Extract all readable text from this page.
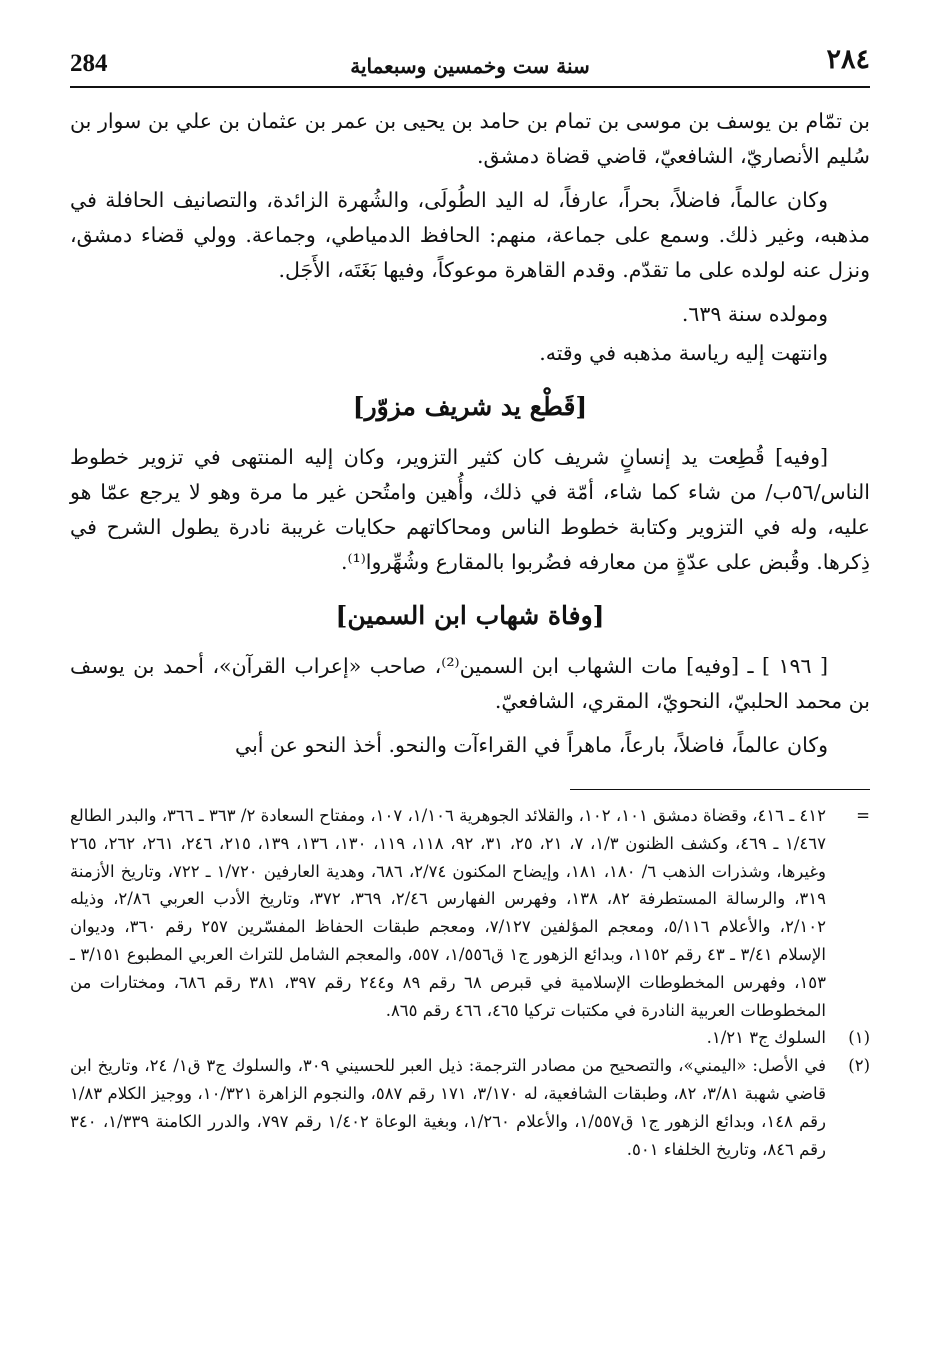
284	سنة ست وخمسين وسبعماية	٢٨٤

بن تمّام بن يوسف بن موسى بن تمام بن حامد بن يحيى بن عمر بن عثمان بن علي بن سوار بن سُليم الأنصاريّ، الشافعيّ، قاضي قضاة دمشق.

وكان عالماً، فاضلاً، بحراً، عارفاً، له اليد الطُولَى، والشُهرة الزائدة، والتصانيف الحافلة في مذهبه، وغير ذلك. وسمع على جماعة، منهم: الحافظ الدمياطي، وجماعة. وولي قضاء دمشق، ونزل عنه لولده على ما تقدّم. وقدم القاهرة موعوكاً، وفيها بَغَتَه، الأَجَل.

ومولده سنة ٦٣٩.

وانتهت إليه رياسة مذهبه في وقته.

[قَطْع يد شريف مزوّر]

[وفيه] قُطِعت يد إنسانٍ شريف كان كثير التزوير، وكان إليه المنتهى في تزوير خطوط الناس/٥٦ب/ من شاء كما شاء، أمّة في ذلك، وأُهين وامتُحن غير ما مرة وهو لا يرجع عمّا هو عليه، وله في التزوير وكتابة خطوط الناس ومحاكاتهم حكايات غريبة نادرة يطول الشرح في ذِكرها. وقُبض على عدّةٍ من معارفه فضُربوا بالمقارع وشُهِّروا⁽¹⁾.

[وفاة شهاب ابن السمين]

[ ١٩٦ ] ـ [وفيه] مات الشهاب ابن السمين⁽²⁾، صاحب «إعراب القرآن»، أحمد بن يوسف بن محمد الحلبيّ، النحويّ، المقري، الشافعيّ.

وكان عالماً، فاضلاً، بارعاً، ماهراً في القراءآت والنحو. أخذ النحو عن أبي

=
٤١٢ ـ ٤١٦، وقضاة دمشق ١٠١، ١٠٢، والقلائد الجوهرية ١/١٠٦، ١٠٧، ومفتاح السعادة ٢/ ٣٦٣ ـ ٣٦٦، والبدر الطالع ١/٤٦٧ ـ ٤٦٩، وكشف الظنون ١/٣، ٧، ٢١، ٢٥، ٣١، ٩٢، ١١٨، ١١٩، ١٣٠، ١٣٦، ١٣٩، ٢١٥، ٢٤٦، ٢٦١، ٢٦٢، ٢٦٥ وغيرها، وشذرات الذهب ٦/ ١٨٠، ١٨١، وإيضاح المكنون ٢/٧٤، ٦٨٦، وهدية العارفين ١/٧٢٠ ـ ٧٢٢، وتاريخ الأزمنة ٣١٩، والرسالة المستطرفة ٨٢، ١٣٨، وفهرس الفهارس ٢/٤٦، ٣٦٩، ٣٧٢، وتاريخ الأدب العربي ٢/٨٦، وذيله ٢/١٠٢، والأعلام ٥/١١٦، ومعجم المؤلفين ٧/١٢٧، ومعجم طبقات الحفاظ المفسّرين ٢٥٧ رقم ٣٦٠، وديوان الإسلام ٣/٤١ ـ ٤٣ رقم ١١٥٢، وبدائع الزهور ج١ ق١/٥٥٦، ٥٥٧، والمعجم الشامل للتراث العربي المطبوع ٣/١٥١ ـ ١٥٣، وفهرس المخطوطات الإسلامية في قبرص ٦٨ رقم ٨٩ و٢٤٤ رقم ٣٩٧، ٣٨١ رقم ٦٨٦، ومختارات من المخطوطات العربية النادرة في مكتبات تركيا ٤٦٥، ٤٦٦ رقم ٨٦٥.
(١)
السلوك ج٣ ١/٢١.
(٢)
في الأصل: «اليمني»، والتصحيح من مصادر الترجمة: ذيل العبر للحسيني ٣٠٩، والسلوك ج٣ ق١/ ٢٤، وتاريخ ابن قاضي شهبة ٣/٨١، ٨٢، وطبقات الشافعية، له ٣/١٧٠، ١٧١ رقم ٥٨٧، والنجوم الزاهرة ١٠/٣٢١، ووجيز الكلام ١/٨٣ رقم ١٤٨، وبدائع الزهور ج١ ق١/٥٥٧، والأعلام ١/٢٦٠، وبغية الوعاة ١/٤٠٢ رقم ٧٩٧، والدرر الكامنة ١/٣٣٩، ٣٤٠ رقم ٨٤٦، وتاريخ الخلفاء ٥٠١.
